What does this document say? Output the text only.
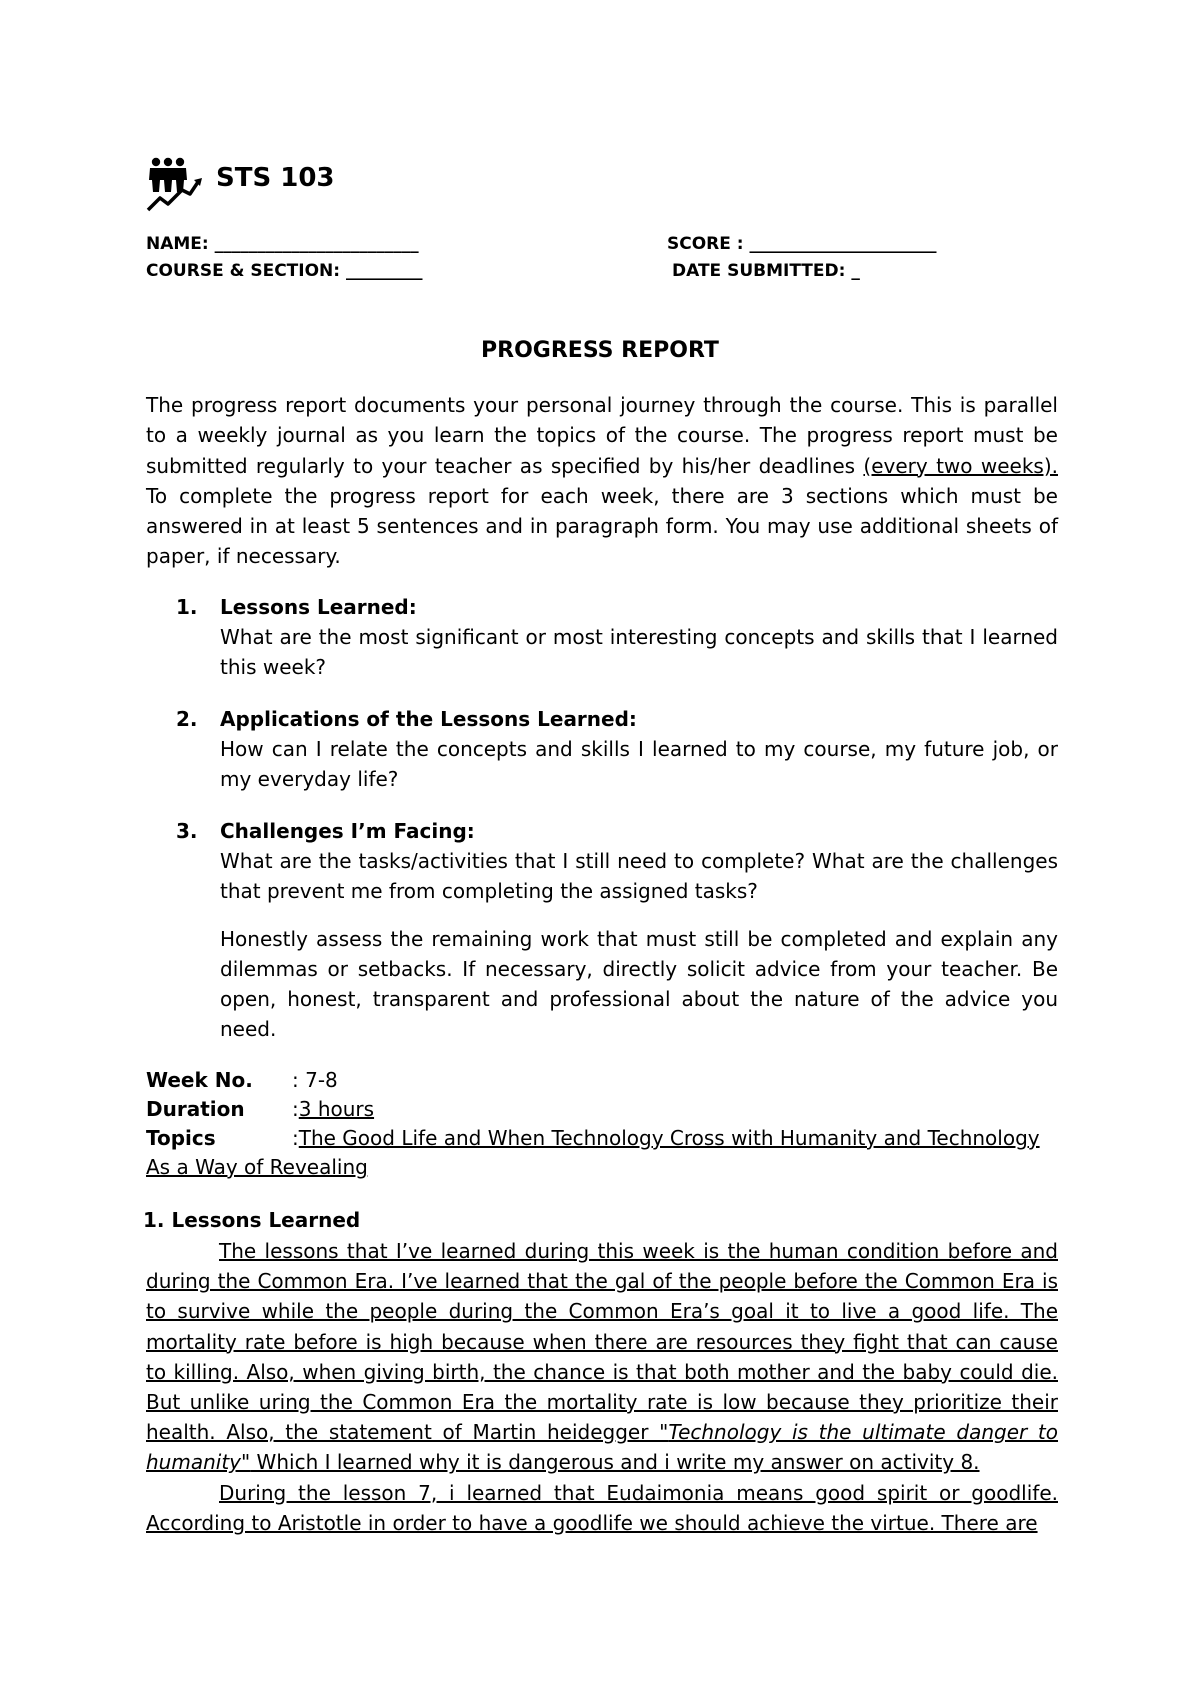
STS 103
NAME: ________________________	SCORE : ______________________
COURSE & SECTION: _________	DATE SUBMITTED: _
PROGRESS REPORT
The progress report documents your personal journey through the course. This is parallel to a weekly journal as you learn the topics of the course. The progress report must be submitted regularly to your teacher as specified by his/her deadlines (every two weeks). To complete the progress report for each week, there are 3 sections which must be answered in at least 5 sentences and in paragraph form. You may use additional sheets of paper, if necessary.
1.	Lessons Learned:
What are the most significant or most interesting concepts and skills that I learned this week?
2.	Applications of the Lessons Learned:
How can I relate the concepts and skills I learned to my course, my future job, or my everyday life?
3.	Challenges I’m Facing:
What are the tasks/activities that I still need to complete? What are the challenges that prevent me from completing the assigned tasks?
Honestly assess the remaining work that must still be completed and explain any dilemmas or setbacks. If necessary, directly solicit advice from your teacher. Be open, honest, transparent and professional about the nature of the advice you need.
Week No.	: 7-8
Duration	: 3 hours
Topics	: The Good Life and When Technology Cross with Humanity and Technology
As a Way of Revealing
1. Lessons Learned

The lessons that I’ve learned during this week is the human condition before and during the Common Era. I’ve learned that the gal of the people before the Common Era is to survive while the people during the Common Era’s goal it to live a good life. The mortality rate before is high because when there are resources they fight that can cause to killing. Also, when giving birth, the chance is that both mother and the baby could die. But unlike uring the Common Era the mortality rate is low because they prioritize their health. Also, the statement of Martin heidegger "Technology is the ultimate danger to humanity" Which I learned why it is dangerous and i write my answer on activity 8.

During the lesson 7, i learned that Eudaimonia means good spirit or goodlife. According to Aristotle in order to have a goodlife we should achieve the virtue. There are
